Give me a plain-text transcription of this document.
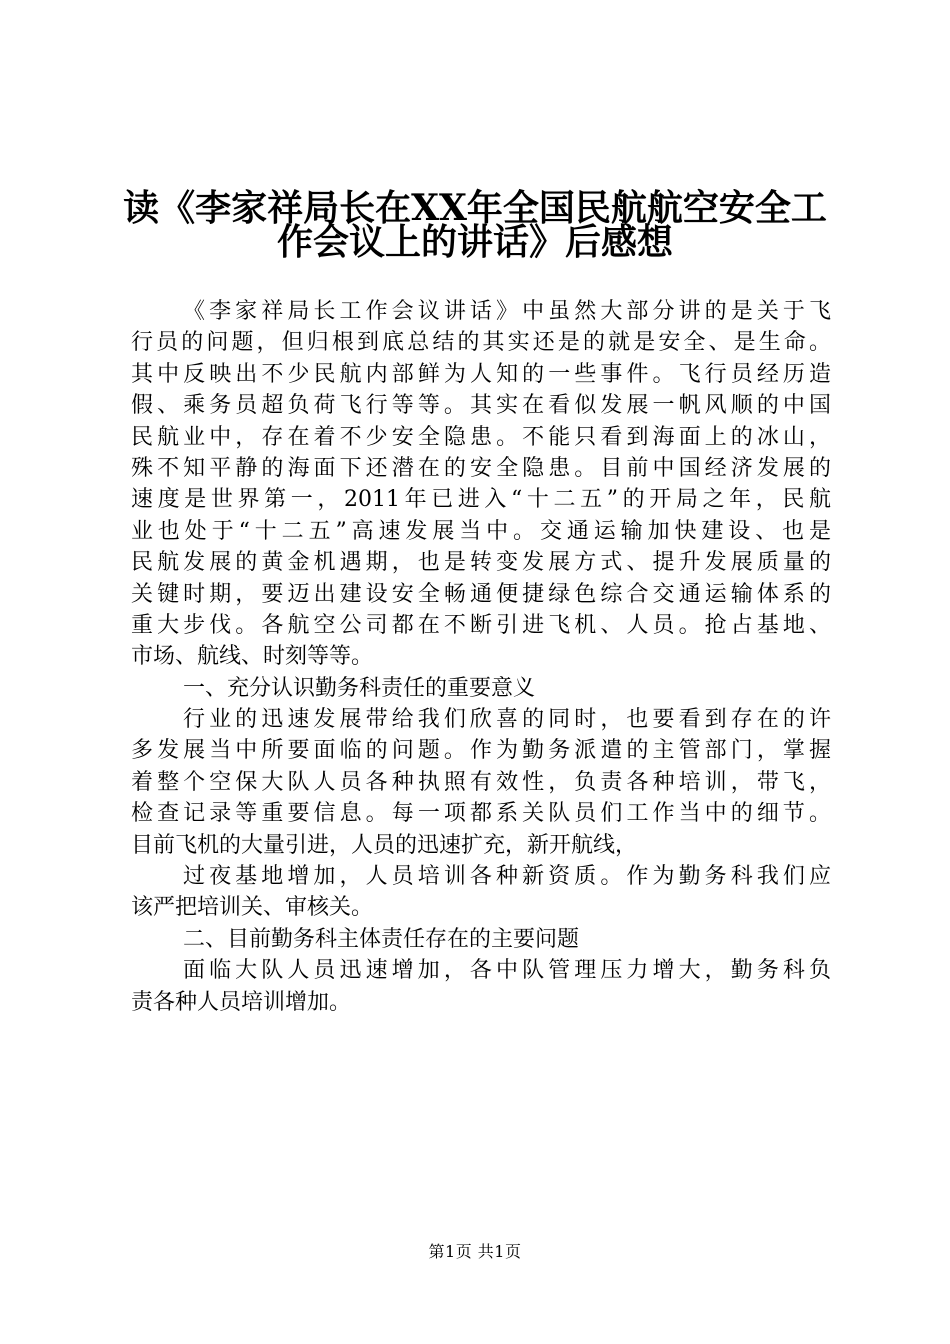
读《李家祥局长在XX年全国民航航空安全工
作会议上的讲话》后感想
《李家祥局长工作会议讲话》中虽然大部分讲的是关于飞
行员的问题，但归根到底总结的其实还是的就是安全、是生命。
其中反映出不少民航内部鲜为人知的一些事件。飞行员经历造
假、乘务员超负荷飞行等等。其实在看似发展一帆风顺的中国
民航业中，存在着不少安全隐患。不能只看到海面上的冰山，
殊不知平静的海面下还潜在的安全隐患。目前中国经济发展的
速度是世界第一，2011年已进入“十二五”的开局之年，民航
业也处于“十二五”高速发展当中。交通运输加快建设、也是
民航发展的黄金机遇期，也是转变发展方式、提升发展质量的
关键时期，要迈出建设安全畅通便捷绿色综合交通运输体系的
重大步伐。各航空公司都在不断引进飞机、人员。抢占基地、
市场、航线、时刻等等。
一、充分认识勤务科责任的重要意义
行业的迅速发展带给我们欣喜的同时，也要看到存在的许
多发展当中所要面临的问题。作为勤务派遣的主管部门，掌握
着整个空保大队人员各种执照有效性，负责各种培训，带飞，
检查记录等重要信息。每一项都系关队员们工作当中的细节。
目前飞机的大量引进，人员的迅速扩充，新开航线，
过夜基地增加，人员培训各种新资质。作为勤务科我们应
该严把培训关、审核关。
二、目前勤务科主体责任存在的主要问题
面临大队人员迅速增加，各中队管理压力增大，勤务科负
责各种人员培训增加。
第1页 共1页
